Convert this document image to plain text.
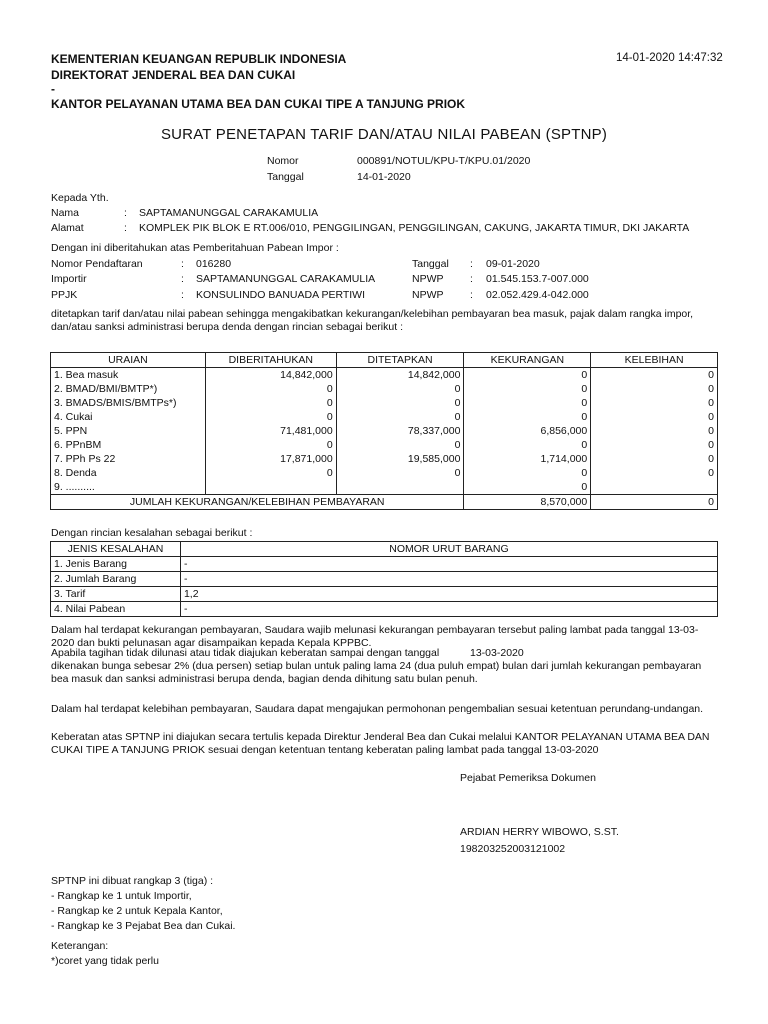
KEMENTERIAN KEUANGAN REPUBLIK INDONESIA
DIREKTORAT JENDERAL BEA DAN CUKAI
-
KANTOR PELAYANAN UTAMA BEA DAN CUKAI TIPE A TANJUNG PRIOK
14-01-2020 14:47:32
SURAT PENETAPAN TARIF DAN/ATAU NILAI PABEAN (SPTNP)
Nomor	000891/NOTUL/KPU-T/KPU.01/2020
Tanggal	14-01-2020
Kepada Yth.
Nama	: SAPTAMANUNGGAL CARAKAMULIA
Alamat	: KOMPLEK PIK BLOK E RT.006/010, PENGGILINGAN, PENGGILINGAN, CAKUNG, JAKARTA TIMUR, DKI JAKARTA
Dengan ini diberitahukan atas Pemberitahuan Pabean Impor :
Nomor Pendaftaran	: 016280	Tanggal : 09-01-2020
Importir	: SAPTAMANUNGGAL CARAKAMULIA	NPWP	: 01.545.153.7-007.000
PPJK	: KONSULINDO BANUADA PERTIWI	NPWP	: 02.052.429.4-042.000
ditetapkan tarif dan/atau nilai pabean sehingga mengakibatkan kekurangan/kelebihan pembayaran bea masuk, pajak dalam rangka impor, dan/atau sanksi administrasi berupa denda dengan rincian sebagai berikut :
URAIAN	DIBERITAHUKAN	DITETAPKAN	KEKURANGAN	KELEBIHAN
1. Bea masuk	14,842,000	14,842,000	0	0
2. BMAD/BMI/BMTP*)	0	0	0	0
3. BMADS/BMIS/BMTPs*)	0	0	0	0
4. Cukai	0	0	0	0
5. PPN	71,481,000	78,337,000	6,856,000	0
6. PPnBM	0	0	0	0
7. PPh Ps 22	17,871,000	19,585,000	1,714,000	0
8. Denda	0	0	0	0
9. ..........			0	
JUMLAH KEKURANGAN/KELEBIHAN PEMBAYARAN			8,570,000	0
Dengan rincian kesalahan sebagai berikut :
JENIS KESALAHAN	NOMOR URUT BARANG
1. Jenis Barang	-
2. Jumlah Barang	-
3. Tarif	1,2
4. Nilai Pabean	-
Dalam hal terdapat kekurangan pembayaran, Saudara wajib melunasi kekurangan pembayaran tersebut paling lambat pada tanggal 13-03-2020 dan bukti pelunasan agar disampaikan kepada Kepala KPPBC.
Apabila tagihan tidak dilunasi atau tidak diajukan keberatan sampai dengan tanggal	13-03-2020
dikenakan bunga sebesar 2% (dua persen) setiap bulan untuk paling lama 24 (dua puluh empat) bulan dari jumlah kekurangan pembayaran bea masuk dan sanksi administrasi berupa denda, bagian denda dihitung satu bulan penuh.
Dalam hal terdapat kelebihan pembayaran, Saudara dapat mengajukan permohonan pengembalian sesuai ketentuan perundang-undangan.
Keberatan atas SPTNP ini diajukan secara tertulis kepada Direktur Jenderal Bea dan Cukai melalui KANTOR PELAYANAN UTAMA BEA DAN CUKAI TIPE A TANJUNG PRIOK sesuai dengan ketentuan tentang keberatan paling lambat pada tanggal 13-03-2020
Pejabat Pemeriksa Dokumen
ARDIAN HERRY WIBOWO, S.ST.
198203252003121002
SPTNP ini dibuat rangkap 3 (tiga) :
- Rangkap ke 1 untuk Importir,
- Rangkap ke 2 untuk Kepala Kantor,
- Rangkap ke 3 Pejabat Bea dan Cukai.
Keterangan:
*)coret yang tidak perlu
